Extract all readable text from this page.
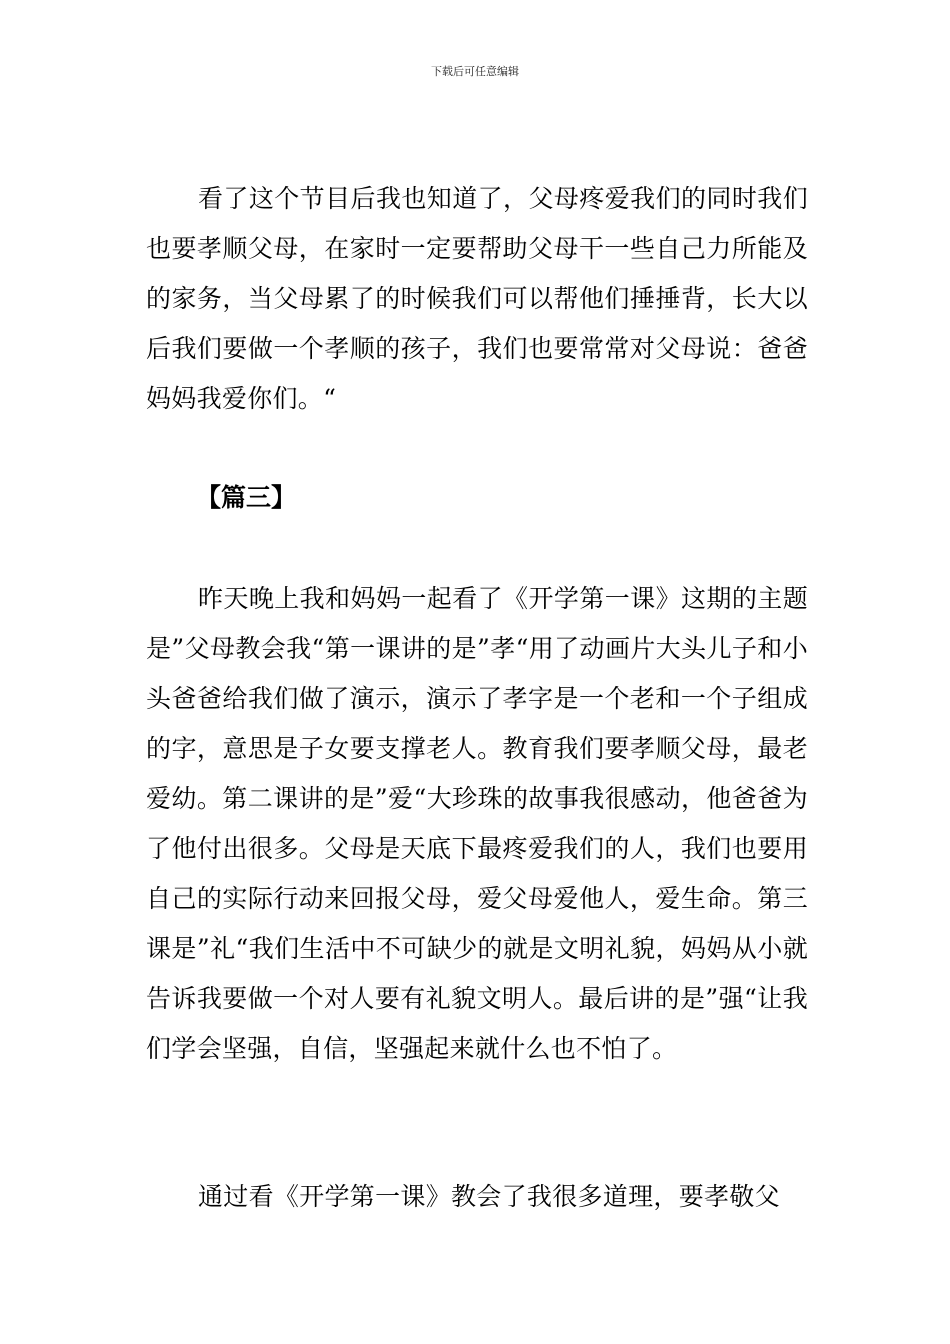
下载后可任意编辑

看了这个节目后我也知道了，父母疼爱我们的同时我们也要孝顺父母，在家时一定要帮助父母干一些自己力所能及的家务，当父母累了的时候我们可以帮他们捶捶背，长大以后我们要做一个孝顺的孩子，我们也要常常对父母说：爸爸妈妈我爱你们。“

【篇三】

昨天晚上我和妈妈一起看了《开学第一课》这期的主题是”父母教会我“第一课讲的是”孝“用了动画片大头儿子和小头爸爸给我们做了演示，演示了孝字是一个老和一个子组成的字，意思是子女要支撑老人。教育我们要孝顺父母，最老爱幼。第二课讲的是”爱“大珍珠的故事我很感动，他爸爸为了他付出很多。父母是天底下最疼爱我们的人，我们也要用自己的实际行动来回报父母，爱父母爱他人，爱生命。第三课是”礼“我们生活中不可缺少的就是文明礼貌，妈妈从小就告诉我要做一个对人要有礼貌文明人。最后讲的是”强“让我们学会坚强，自信，坚强起来就什么也不怕了。

通过看《开学第一课》教会了我很多道理，要孝敬父
